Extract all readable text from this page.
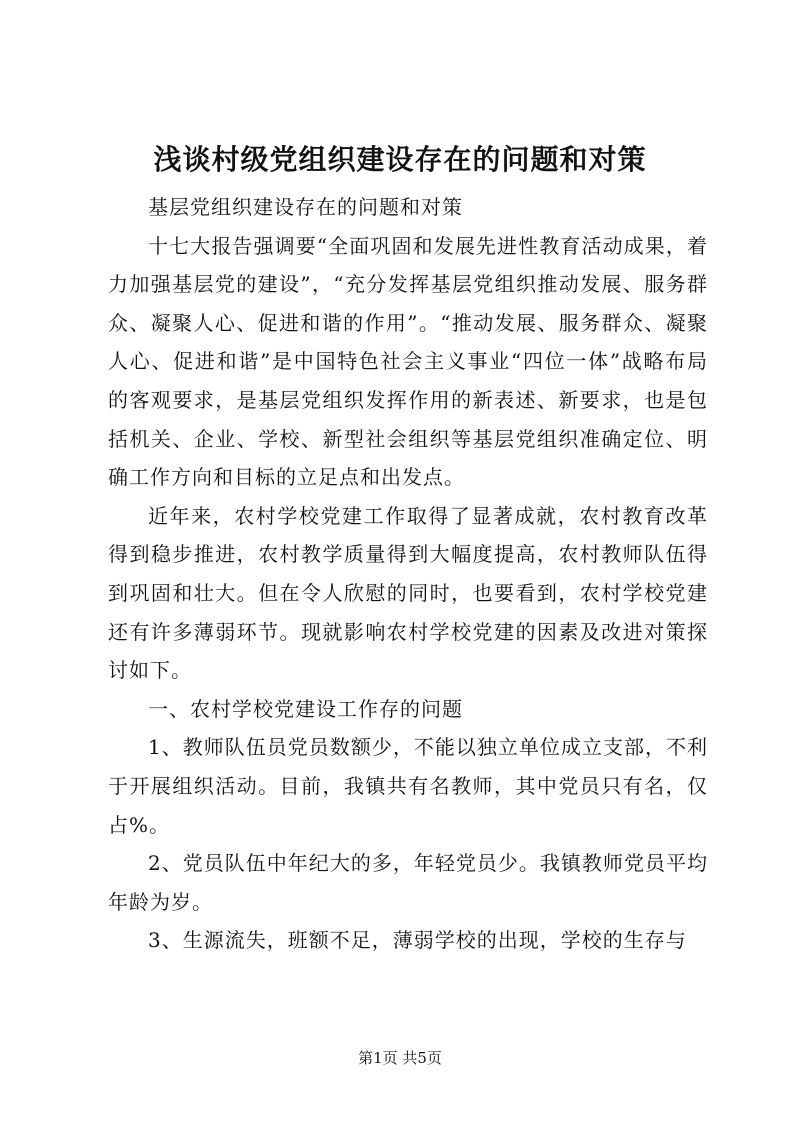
浅谈村级党组织建设存在的问题和对策

基层党组织建设存在的问题和对策

十七大报告强调要“全面巩固和发展先进性教育活动成果，着力加强基层党的建设”，“充分发挥基层党组织推动发展、服务群众、凝聚人心、促进和谐的作用”。“推动发展、服务群众、凝聚人心、促进和谐”是中国特色社会主义事业“四位一体”战略布局的客观要求，是基层党组织发挥作用的新表述、新要求，也是包括机关、企业、学校、新型社会组织等基层党组织准确定位、明确工作方向和目标的立足点和出发点。

近年来，农村学校党建工作取得了显著成就，农村教育改革得到稳步推进，农村教学质量得到大幅度提高，农村教师队伍得到巩固和壮大。但在令人欣慰的同时，也要看到，农村学校党建还有许多薄弱环节。现就影响农村学校党建的因素及改进对策探讨如下。

一、农村学校党建设工作存的问题

1、教师队伍员党员数额少，不能以独立单位成立支部，不利于开展组织活动。目前，我镇共有名教师，其中党员只有名，仅占%。

2、党员队伍中年纪大的多，年轻党员少。我镇教师党员平均年龄为岁。

3、生源流失，班额不足，薄弱学校的出现，学校的生存与

第1页 共5页
